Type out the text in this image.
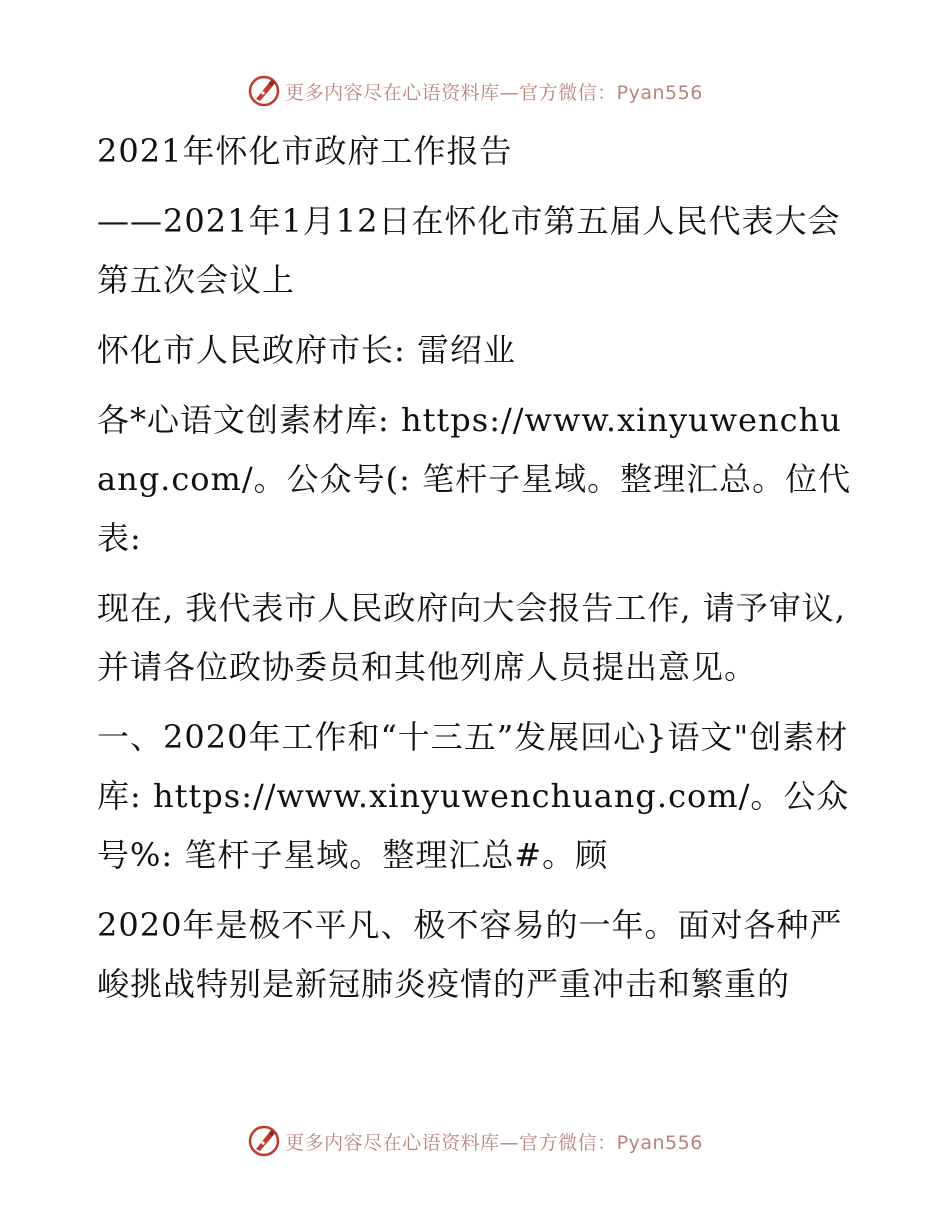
更多内容尽在心语资料库—官方微信：Pyan556

2021年怀化市政府工作报告

——2021年1月12日在怀化市第五届人民代表大会第五次会议上

怀化市人民政府市长: 雷绍业

各*心语文创素材库: https://www.xinyuwenchuang.com/。公众号(: 笔杆子星域。整理汇总。位代表:

现在, 我代表市人民政府向大会报告工作, 请予审议, 并请各位政协委员和其他列席人员提出意见。

一、2020年工作和“十三五”发展回心}语文"创素材库: https://www.xinyuwenchuang.com/。公众号%: 笔杆子星域。整理汇总#。顾

2020年是极不平凡、极不容易的一年。面对各种严峻挑战特别是新冠肺炎疫情的严重冲击和繁重的

更多内容尽在心语资料库—官方微信：Pyan556
